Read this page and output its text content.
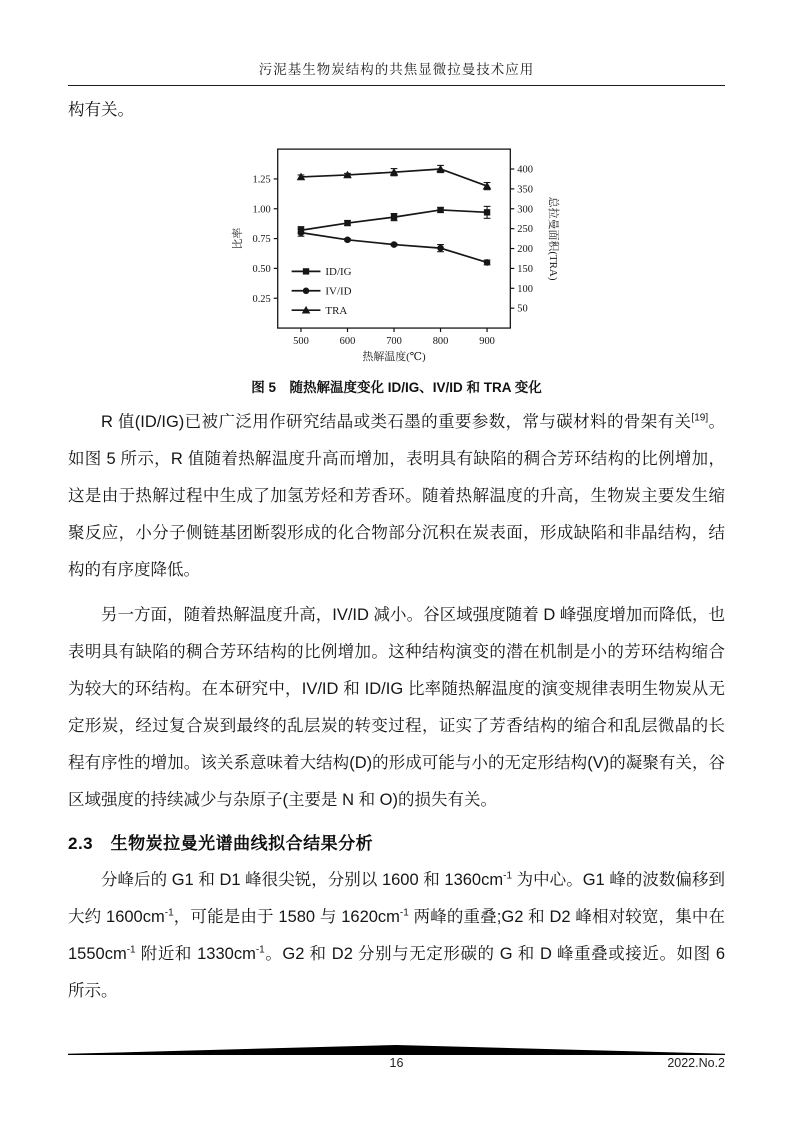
污泥基生物炭结构的共焦显微拉曼技术应用
构有关。
0.25
0.50
0.75
1.00
1.25
50
100
150
200
250
300
350
400
500	600	700	800	900
热解温度(℃)
比率	总拉曼面积(TRA)
ID/IG
IV/ID
TRA
图 5　随热解温度变化 ID/IG、IV/ID 和 TRA 变化
R 值(ID/IG)已被广泛用作研究结晶或类石墨的重要参数，常与碳材料的骨架有关[19]。如图 5 所示，R 值随着热解温度升高而增加，表明具有缺陷的稠合芳环结构的比例增加，这是由于热解过程中生成了加氢芳烃和芳香环。随着热解温度的升高，生物炭主要发生缩聚反应，小分子侧链基团断裂形成的化合物部分沉积在炭表面，形成缺陷和非晶结构，结构的有序度降低。
另一方面，随着热解温度升高，IV/ID 减小。谷区域强度随着 D 峰强度增加而降低，也表明具有缺陷的稠合芳环结构的比例增加。这种结构演变的潜在机制是小的芳环结构缩合为较大的环结构。在本研究中，IV/ID 和 ID/IG 比率随热解温度的演变规律表明生物炭从无定形炭，经过复合炭到最终的乱层炭的转变过程，证实了芳香结构的缩合和乱层微晶的长程有序性的增加。该关系意味着大结构(D)的形成可能与小的无定形结构(V)的凝聚有关，谷区域强度的持续减少与杂原子(主要是 N 和 O)的损失有关。
2.3　生物炭拉曼光谱曲线拟合结果分析
分峰后的 G1 和 D1 峰很尖锐，分别以 1600 和 $1360cm^{-1}$ 为中心。G1 峰的波数偏移到大约 $1600cm^{-1}$，可能是由于 1580 与 $1620cm^{-1}$ 两峰的重叠;G2 和 D2 峰相对较宽，集中在 $1550cm^{-1}$ 附近和 $1330cm^{-1}$。G2 和 D2 分别与无定形碳的 G 和 D 峰重叠或接近。如图 6 所示。
16	2022.No.2
